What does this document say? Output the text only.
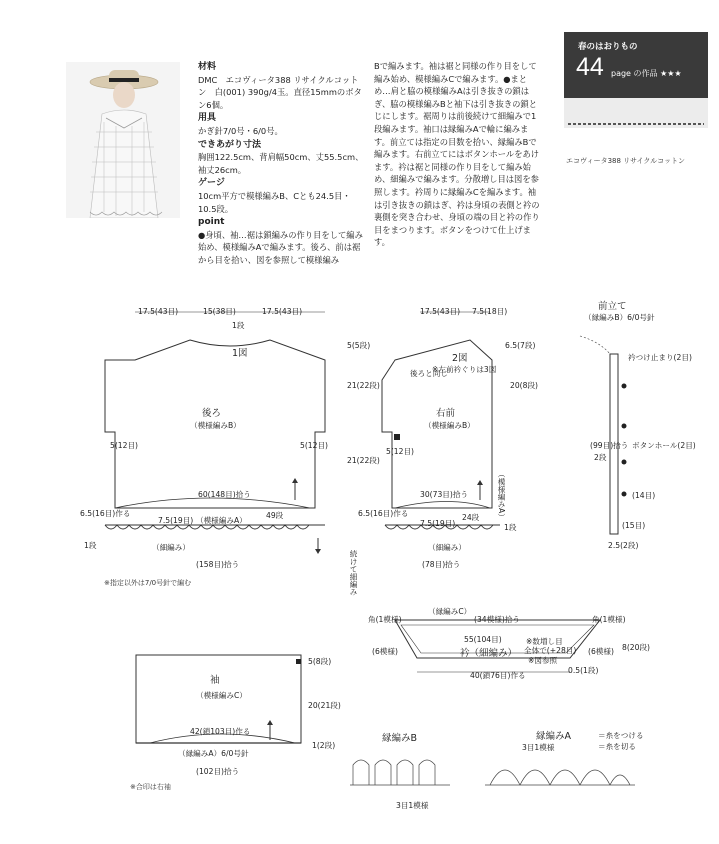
材料
DMC　エコヴィータ388 リサイクルコットン　白(001) 390g/4玉。直径15mmのボタン6個。
用具
かぎ針7/0号・6/0号。
できあがり寸法
胸囲122.5cm、背肩幅50cm、丈55.5cm、袖丈26cm。
ゲージ
10cm平方で模様編みB、Cとも24.5目・10.5段。
point
●身頃、袖…裾は鎖編みの作り目をして編み始め、模様編みAで編みます。後ろ、前は裾から目を拾い、図を参照して模様編み
Bで編みます。袖は裾と同様の作り目をして編み始め、模様編みCで編みます。●まとめ…肩と脇の模様編みAは引き抜きの鎖はぎ、脇の模様編みBと袖下は引き抜きの鎖とじにします。裾周りは前後続けて細編みで1段編みます。袖口は縁編みAで輪に編みます。前立ては指定の目数を拾い、縁編みBで編みます。右前立てにはボタンホールをあけます。衿は裾と同様の作り目をして編み始め、細編みで編みます。分散増し目は図を参照します。衿周りに縁編みCを編みます。袖は引き抜きの鎖はぎ、衿は身頃の表側と衿の裏側を突き合わせ、身頃の端の目と衿の作り目をまつります。ボタンをつけて仕上げます。
春のはおりもの
44 page の作品 ★★★
エコヴィータ388 リサイクルコットン
17.5(43目)	15(38目)	17.5(43目)
1段
1図
後ろ
（模様編みB）
5(12目)	5(12目)
60(148目)拾う
7.5(19目) （模様編みA）
49段
6.5(16目)作る
1段	（細編み）
(158目)拾う
※指定以外は7/0号針で編む
17.5(43目) 7.5(18目)
2図
後ろと同じ
※左前衿ぐりは3図
右前
（模様編みB）
5(12目)
30(73目)拾う
7.5(19目)
24段
6.5(16目)作る
（細編み）
(78目)拾う
（模様編みA）
1段
続けて細編み
5(5段)
21(22段)
21(22段)
6.5(7段)
20(8段)
前立て
（縁編みB）6/0号針
衿つけ止まり(2目)
(99目)拾う
2段
ボタンホール(2目)
(14目)
(15目)
2.5(2段)
（縁編みC）
(34模様)拾う
角(1模様)	角(1模様)
55(104目)
衿（細編み）
※数増し目
全体で(+28目)
※図参照
(6模様)	(6模様)
40(鎖76目)作る
8(20段)
0.5(1段)
袖
（模様編みC）
42(鎖103目)作る
（縁編みA）6/0号針
(102目)拾う
5(8段)
20(21段)
1(2段)
※合印は右袖
縁編みB
3目1模様
縁編みA
3目1模様
＝糸をつける
＝糸を切る
